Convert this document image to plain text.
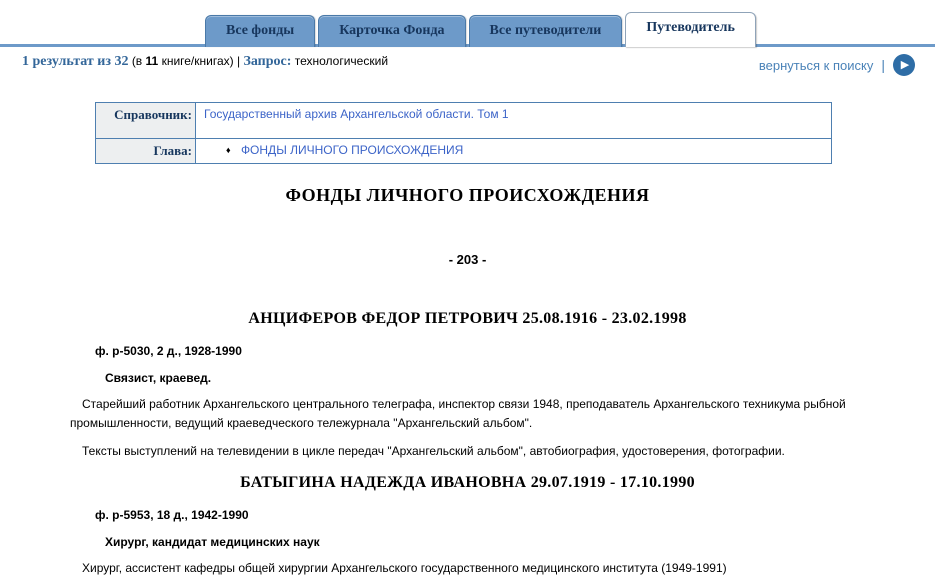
Все фонды	Карточка Фонда	Все путеводители	Путеводитель
1 результат из 32 (в 11 книге/книгах) | Запрос: технологический	вернуться к поиску | ▶
Справочник:	Государственный архив Архангельской области. Том 1
Глава:	♦ ФОНДЫ ЛИЧНОГО ПРОИСХОЖДЕНИЯ
ФОНДЫ ЛИЧНОГО ПРОИСХОЖДЕНИЯ
- 203 -
АНЦИФЕРОВ ФЕДОР ПЕТРОВИЧ 25.08.1916 - 23.02.1998
ф. р-5030, 2 д., 1928-1990
Связист, краевед.

Старейший работник Архангельского центрального телеграфа, инспектор связи 1948, преподаватель Архангельского техникума рыбной промышленности, ведущий краеведческого тележурнала "Архангельский альбом".

Тексты выступлений на телевидении в цикле передач "Архангельский альбом", автобиография, удостоверения, фотографии.

БАТЫГИНА НАДЕЖДА ИВАНОВНА 29.07.1919 - 17.10.1990
ф. р-5953, 18 д., 1942-1990
Хирург, кандидат медицинских наук

Хирург, ассистент кафедры общей хирургии Архангельского государственного медицинского института (1949-1991)
